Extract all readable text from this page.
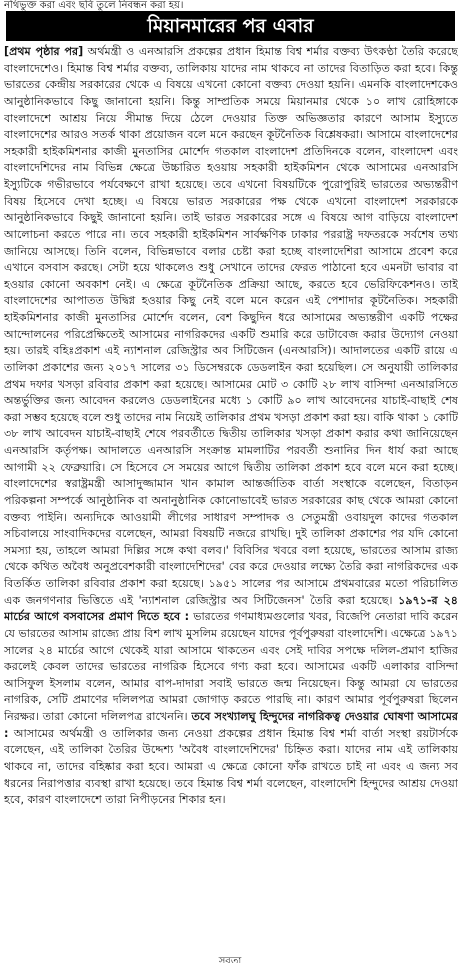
নথিভুক্ত করা এবং ছবি তুলে নিবন্ধন করা হয়।
মিয়ানমারের পর এবার
[প্রথম পৃষ্ঠার পর] অর্থমন্ত্রী ও এনআরসি প্রকল্পের প্রধান হিমান্ত বিশ্ব শর্মার বক্তব্য উৎকণ্ঠা তৈরি করেছে বাংলাদেশেও। হিমান্ত বিশ্ব শর্মার বক্তব্য, তালিকায় যাদের নাম থাকবে না তাদের বিতাড়িত করা হবে। কিন্তু ভারতের কেন্দ্রীয় সরকারের থেকে এ বিষয়ে এখনো কোনো বক্তব্য দেওয়া হয়নি। এমনকি বাংলাদেশকেও আনুষ্ঠানিকভাবে কিছু জানানো হয়নি। কিন্তু সাম্প্রতিক সময়ে মিয়ানমার থেকে ১০ লাখ রোহিঙ্গাকে বাংলাদেশে আশ্রয় নিয়ে সীমান্ত দিয়ে ঠেলে দেওয়ার তিক্ত অভিজ্ঞতার কারণে আসাম ইস্যুতে বাংলাদেশের আরও সতর্ক থাকা প্রয়োজন বলে মনে করছেন কূটনৈতিক বিশ্লেষকরা। আসামে বাংলাদেশের সহকারী হাইকমিশনার কাজী মুনতাসির মোর্শেদ গতকাল বাংলাদেশ প্রতিদিনকে বলেন, বাংলাদেশ এবং বাংলাদেশিদের নাম বিভিন্ন ক্ষেত্রে উচ্চারিত হওয়ায় সহকারী হাইকমিশন থেকে আসামের এনআরসি ইস্যুটিকে গভীরভাবে পর্যবেক্ষণে রাখা হয়েছে। তবে এখনো বিষয়টিকে পুরোপুরিই ভারতের অভ্যন্তরীণ বিষয় হিসেবে দেখা হচ্ছে। এ বিষয়ে ভারত সরকারের পক্ষ থেকে এখনো বাংলাদেশ সরকারকে আনুষ্ঠানিকভাবে কিছুই জানানো হয়নি। তাই ভারত সরকারের সঙ্গে এ বিষয়ে আগ বাড়িয়ে বাংলাদেশ আলোচনা করতে পারে না। তবে সহকারী হাইকমিশন সার্বক্ষণিক ঢাকার পররাষ্ট্র দফতরকে সর্বশেষ তথ্য জানিয়ে আসছে। তিনি বলেন, বিভিন্নভাবে বলার চেষ্টা করা হচ্ছে বাংলাদেশিরা আসামে প্রবেশ করে এখানে বসবাস করছে। সেটা হয়ে থাকলেও শুধু সেখানে তাদের ফেরত পাঠানো হবে এমনটা ভাবার বা হওয়ার কোনো অবকাশ নেই। এ ক্ষেত্রে কূটনৈতিক প্রক্রিয়া আছে, করতে হবে ভেরিফিকেশনও। তাই বাংলাদেশের আপাতত উদ্বিগ্ন হওয়ার কিছু নেই বলে মনে করেন এই পেশাদার কূটনৈতিক। সহকারী হাইকমিশনার কাজী মুনতাসির মোর্শেদ বলেন, বেশ কিছুদিন ধরে আসামের অভ্যন্তরীণ একটি পক্ষের আন্দোলনের পরিপ্রেক্ষিতেই আসামের নাগরিকদের একটি শুমারি করে ডাটাবেজ করার উদ্যোগ নেওয়া হয়। তারই বহিঃপ্রকাশ এই ন্যাশনাল রেজিস্ট্রার অব সিটিজেন (এনআরসি)। আদালতের একটি রায়ে এ তালিকা প্রকাশের জন্য ২০১৭ সালের ৩১ ডিসেম্বরকে ডেডলাইন করা হয়েছিল। সে অনুযায়ী তালিকার প্রথম দফার খসড়া রবিবার প্রকাশ করা হয়েছে। আসামের মোট ৩ কোটি ২৮ লাখ বাসিন্দা এনআরসিতে অন্তর্ভুক্তির জন্য আবেদন করলেও ডেডলাইনের মধ্যে ১ কোটি ৯০ লাখ আবেদনের যাচাই-বাছাই শেষ করা সম্ভব হয়েছে বলে শুধু তাদের নাম নিয়েই তালিকার প্রথম খসড়া প্রকাশ করা হয়। বাকি থাকা ১ কোটি ৩৮ লাখ আবেদন যাচাই-বাছাই শেষে পরবর্তীতে দ্বিতীয় তালিকার খসড়া প্রকাশ করার কথা জানিয়েছেন এনআরসি কর্তৃপক্ষ। আদালতে এনআরসি সংক্রান্ত মামলাটির পরবর্তী শুনানির দিন ধার্য করা আছে আগামী ২২ ফেব্রুয়ারি। সে হিসেবে সে সময়ের আগে দ্বিতীয় তালিকা প্রকাশ হবে বলে মনে করা হচ্ছে। বাংলাদেশের স্বরাষ্ট্রমন্ত্রী আসাদুজ্জামান খান কামাল আন্তর্জাতিক বার্তা সংস্থাকে বলেছেন, বিতাড়ন পরিকল্পনা সম্পর্কে আনুষ্ঠানিক বা অনানুষ্ঠানিক কোনোভাবেই ভারত সরকারের কাছ থেকে আমরা কোনো বক্তব্য পাইনি। অন্যদিকে আওয়ামী লীগের সাধারণ সম্পাদক ও সেতুমন্ত্রী ওবায়দুল কাদের গতকাল সচিবালয়ে সাংবাদিকদের বলেছেন, আমরা বিষয়টি নজরে রাখছি। দুই তালিকা প্রকাশের পর যদি কোনো সমস্যা হয়, তাহলে আমরা দিল্লির সঙ্গে কথা বলব।' বিবিসির খবরে বলা হয়েছে, ভারতের আসাম রাজ্য থেকে কথিত অবৈধ অনুপ্রবেশকারী বাংলাদেশিদের' বের করে দেওয়ার লক্ষ্যে তৈরি করা নাগরিকদের এক বিতর্কিত তালিকা রবিবার প্রকাশ করা হয়েছে। ১৯৫১ সালের পর আসামে প্রথমবারের মতো পরিচালিত এক জনগণনার ভিত্তিতে এই 'ন্যাশনাল রেজিস্ট্রার অব সিটিজেনস' তৈরি করা হয়েছে। ১৯৭১-র ২৪ মার্চের আগে বসবাসের প্রমাণ দিতে হবে : ভারতের গণমাধ্যমগুলোর খবর, বিজেপি নেতারা দাবি করেন যে ভারতের আসাম রাজ্যে প্রায় বিশ লাখ মুসলিম রয়েছেন যাদের পূর্বপুরুষরা বাংলাদেশি। এক্ষেত্রে ১৯৭১ সালের ২৪ মার্চের আগে থেকেই যারা আসামে থাকতেন এবং সেই দাবির সপক্ষে দলিল-প্রমাণ হাজির করলেই কেবল তাদের ভারতের নাগরিক হিসেবে গণ্য করা হবে। আসামের একটি এলাকার বাসিন্দা আসিফুল ইসলাম বলেন, আমার বাপ-দাদারা সবাই ভারতে জন্ম নিয়েছেন। কিন্তু আমরা যে ভারতের নাগরিক, সেটি প্রমাণের দলিলপত্র আমরা জোগাড় করতে পারছি না। কারণ আমার পূর্বপুরুষরা ছিলেন নিরক্ষর। তারা কোনো দলিলপত্র রাখেননি। তবে সংখ্যালঘু হিন্দুদের নাগরিকত্ব দেওয়ার ঘোষণা আসামের : আসামের অর্থমন্ত্রী ও তালিকার জন্য নেওয়া প্রকল্পের প্রধান হিমান্ত বিশ্ব শর্মা বার্তা সংস্থা রয়টার্সকে বলেছেন, এই তালিকা তৈরির উদ্দেশ্য 'অবৈধ বাংলাদেশিদের' চিহ্নিত করা। যাদের নাম এই তালিকায় থাকবে না, তাদের বহিষ্কার করা হবে। আমরা এ ক্ষেত্রে কোনো ফাঁক রাখতে চাই না এবং এ জন্য সব ধরনের নিরাপত্তার ব্যবস্থা রাখা হয়েছে। তবে হিমান্ত বিশ্ব শর্মা বলেছেন, বাংলাদেশি হিন্দুদের আশ্রয় দেওয়া হবে, কারণ বাংলাদেশে তারা নিপীড়নের শিকার হন।
সবতা
